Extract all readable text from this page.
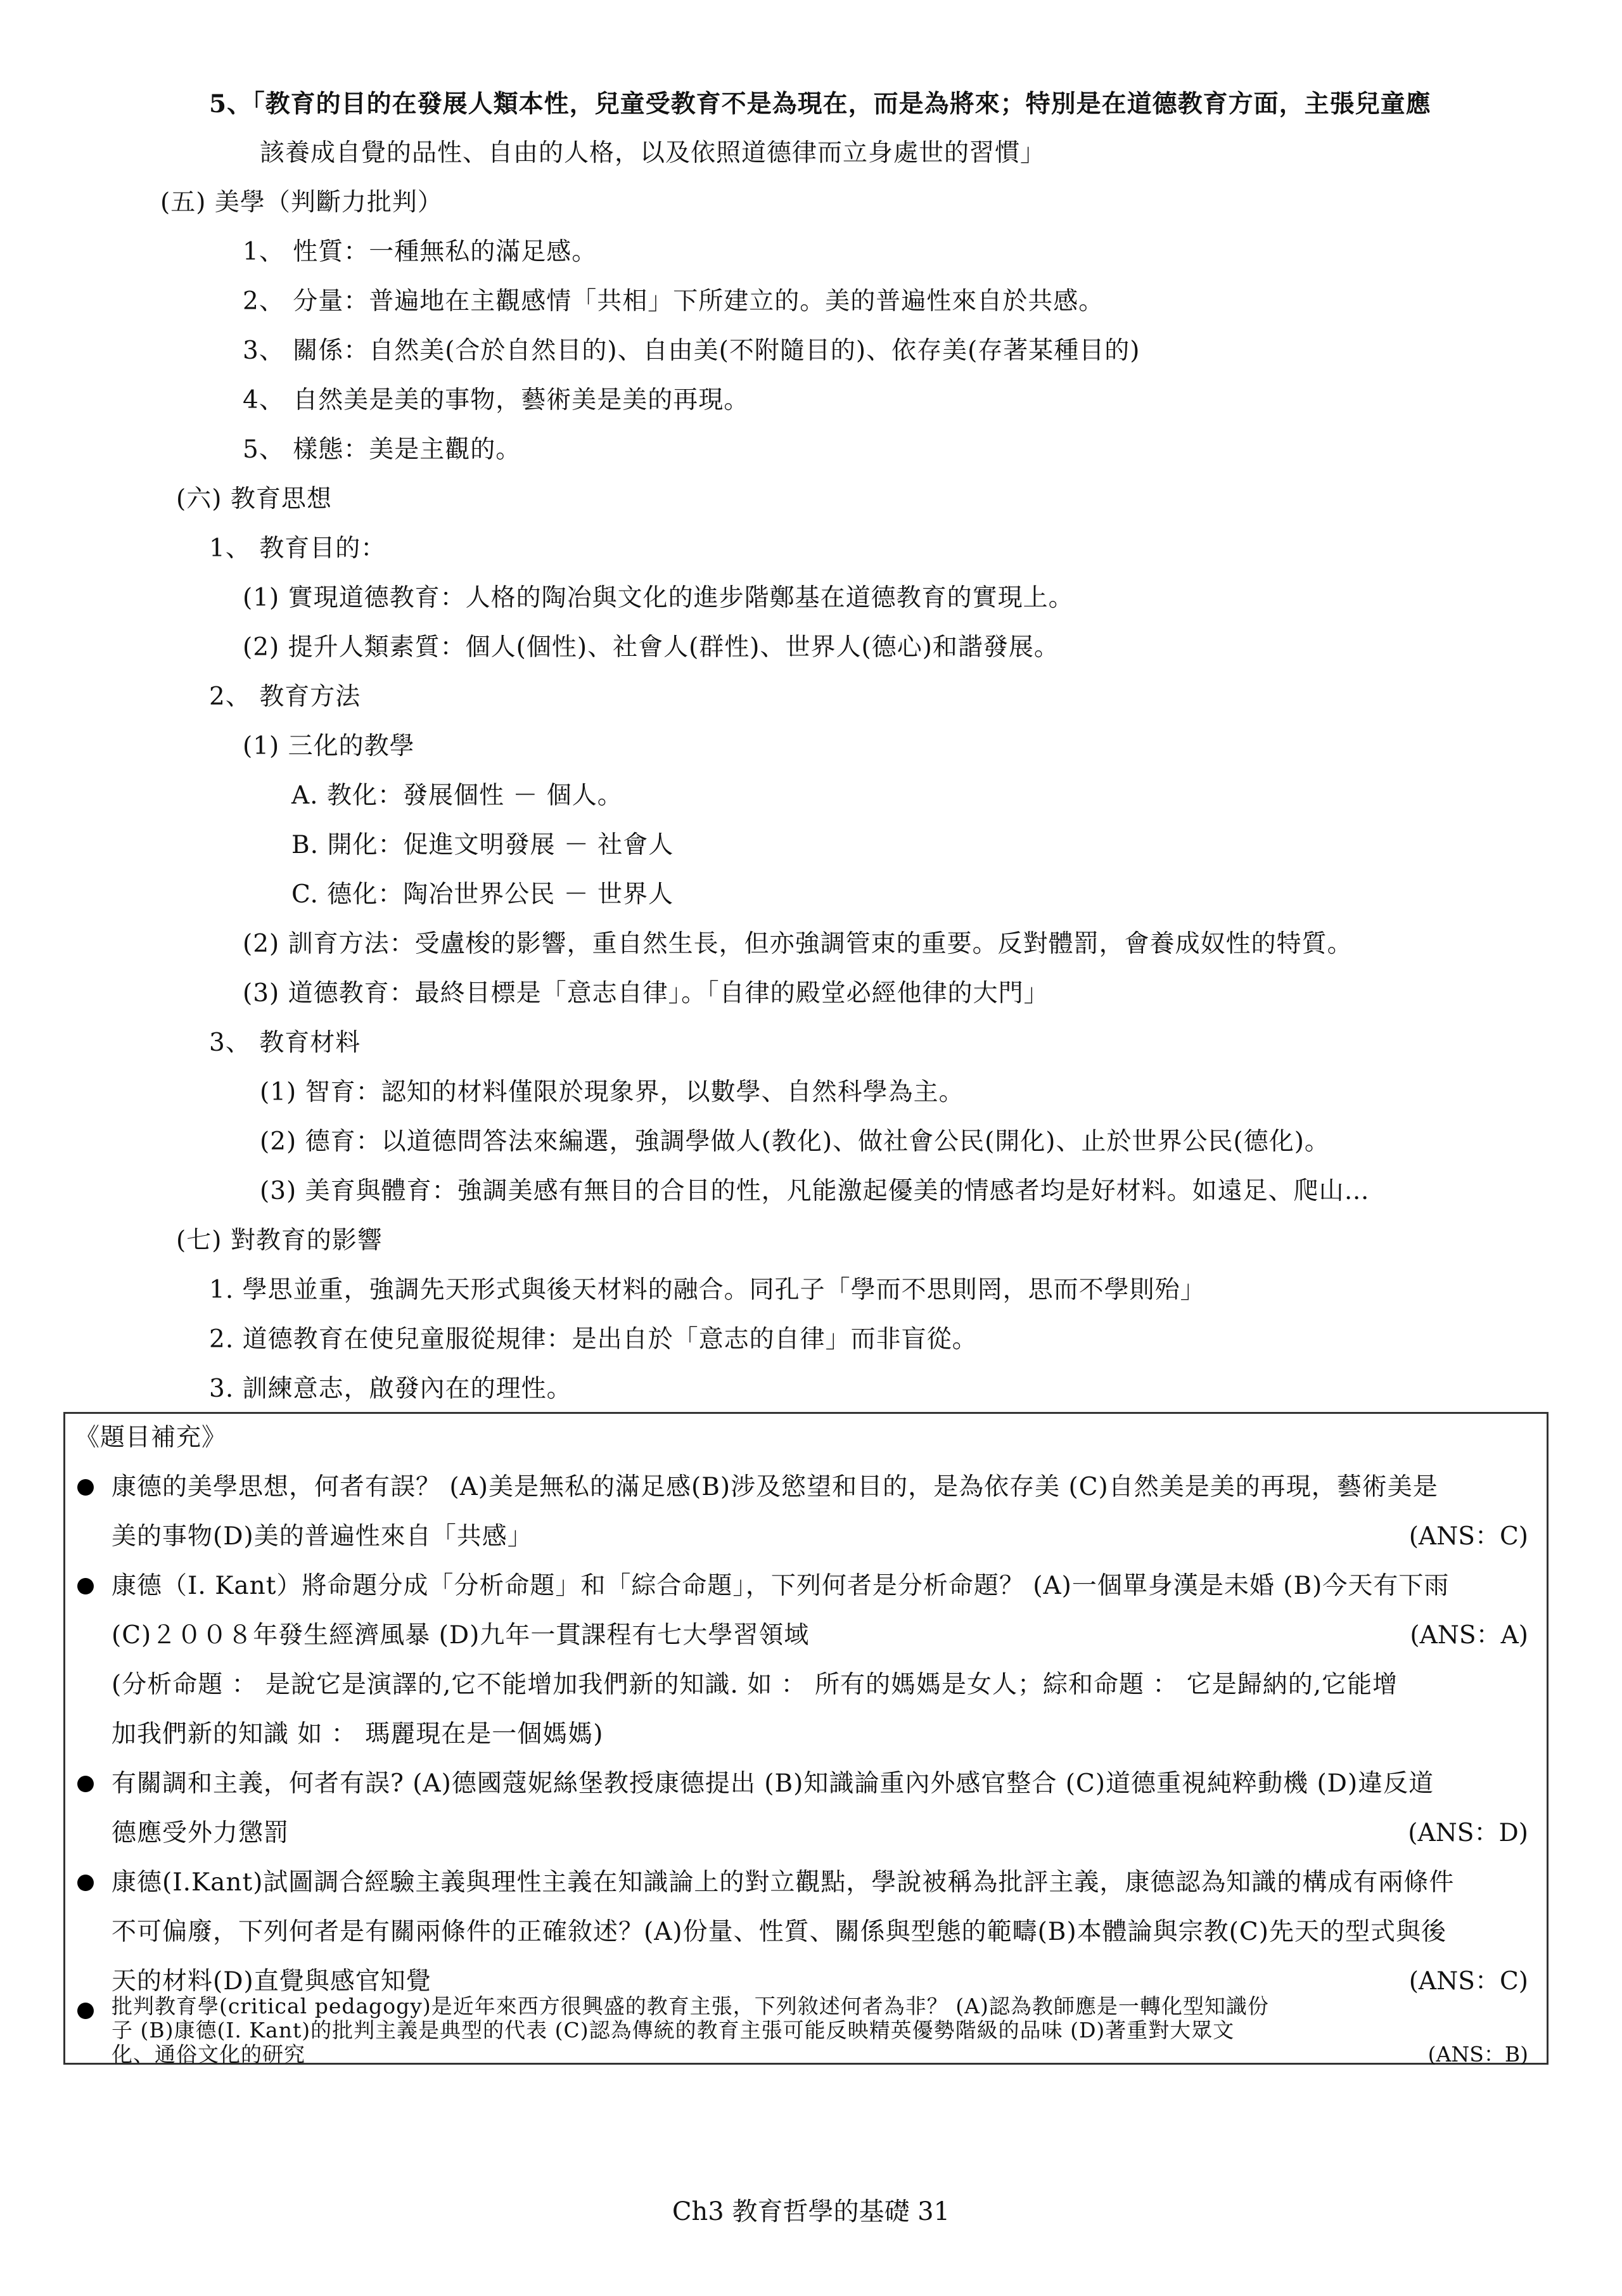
5、「教育的目的在發展人類本性，兒童受教育不是為現在，而是為將來；特別是在道德教育方面，主張兒童應
該養成自覺的品性、自由的人格，以及依照道德律而立身處世的習慣」
(五) 美學（判斷力批判）
1、 性質：一種無私的滿足感。
2、 分量：普遍地在主觀感情「共相」下所建立的。美的普遍性來自於共感。
3、 關係：自然美(合於自然目的)、自由美(不附隨目的)、依存美(存著某種目的)
4、 自然美是美的事物，藝術美是美的再現。
5、 樣態：美是主觀的。
(六) 教育思想
1、 教育目的：
(1) 實現道德教育：人格的陶冶與文化的進步階鄭基在道德教育的實現上。
(2) 提升人類素質：個人(個性)、社會人(群性)、世界人(德心)和諧發展。
2、 教育方法
(1) 三化的教學
A. 教化：發展個性 － 個人。
B. 開化：促進文明發展 － 社會人
C. 德化：陶冶世界公民 － 世界人
(2) 訓育方法：受盧梭的影響，重自然生長，但亦強調管束的重要。反對體罰，會養成奴性的特質。
(3) 道德教育：最終目標是「意志自律」。「自律的殿堂必經他律的大門」
3、 教育材料
(1) 智育：認知的材料僅限於現象界，以數學、自然科學為主。
(2) 德育：以道德問答法來編選，強調學做人(教化)、做社會公民(開化)、止於世界公民(德化)。
(3) 美育與體育：強調美感有無目的合目的性，凡能激起優美的情感者均是好材料。如遠足、爬山…
(七) 對教育的影響
1. 學思並重，強調先天形式與後天材料的融合。同孔子「學而不思則罔，思而不學則殆」
2. 道德教育在使兒童服從規律：是出自於「意志的自律」而非盲從。
3. 訓練意志，啟發內在的理性。
《題目補充》
康德的美學思想，何者有誤？ (A)美是無私的滿足感(B)涉及慾望和目的，是為依存美 (C)自然美是美的再現，藝術美是
美的事物(D)美的普遍性來自「共感」	(ANS：C)
康德（I. Kant）將命題分成「分析命題」和「綜合命題」，下列何者是分析命題？ (A)一個單身漢是未婚 (B)今天有下雨
(C)２００８年發生經濟風暴 (D)九年一貫課程有七大學習領域	(ANS：A)
(分析命題 ： 是說它是演譯的,它不能增加我們新的知識. 如 ： 所有的媽媽是女人；綜和命題 ： 它是歸納的,它能增
加我們新的知識 如 ： 瑪麗現在是一個媽媽)
有關調和主義，何者有誤? (A)德國蔻妮絲堡教授康德提出 (B)知識論重內外感官整合 (C)道德重視純粹動機 (D)違反道
德應受外力懲罰	(ANS：D)
康德(I.Kant)試圖調合經驗主義與理性主義在知識論上的對立觀點，學說被稱為批評主義，康德認為知識的構成有兩條件
不可偏廢，下列何者是有關兩條件的正確敘述？(A)份量、性質、關係與型態的範疇(B)本體論與宗教(C)先天的型式與後
天的材料(D)直覺與感官知覺	(ANS：C)
Ch3 教育哲學的基礎 31
批判教育學(critical pedagogy)是近年來西方很興盛的教育主張，下列敘述何者為非？ (A)認為教師應是一轉化型知識份
子 (B)康德(I. Kant)的批判主義是典型的代表 (C)認為傳統的教育主張可能反映精英優勢階級的品味 (D)著重對大眾文
化、通俗文化的研究	(ANS：B)
